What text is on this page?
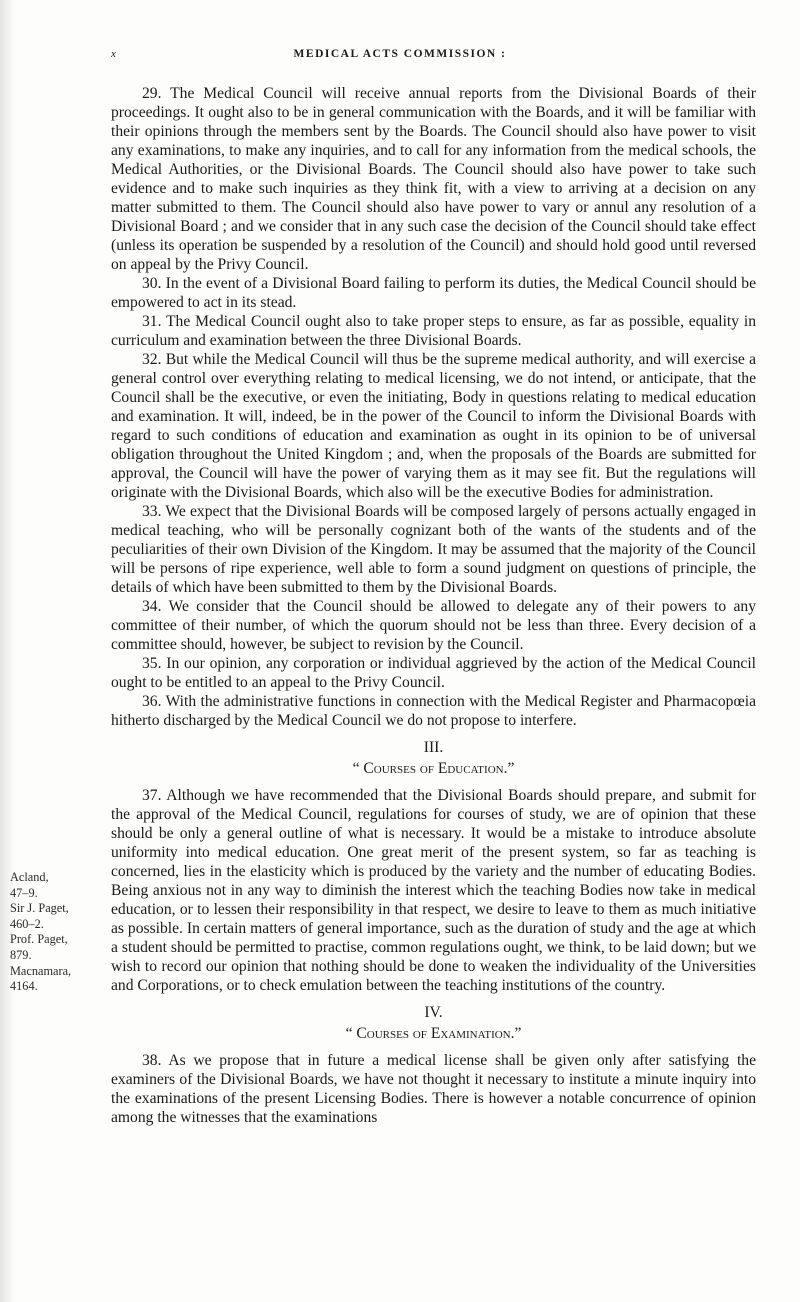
x	MEDICAL ACTS COMMISSION :

29. The Medical Council will receive annual reports from the Divisional Boards of their proceedings. It ought also to be in general communication with the Boards, and it will be familiar with their opinions through the members sent by the Boards. The Council should also have power to visit any examinations, to make any inquiries, and to call for any information from the medical schools, the Medical Authorities, or the Divisional Boards. The Council should also have power to take such evidence and to make such inquiries as they think fit, with a view to arriving at a decision on any matter submitted to them. The Council should also have power to vary or annul any resolution of a Divisional Board ; and we consider that in any such case the decision of the Council should take effect (unless its operation be suspended by a resolution of the Council) and should hold good until reversed on appeal by the Privy Council.

30. In the event of a Divisional Board failing to perform its duties, the Medical Council should be empowered to act in its stead.

31. The Medical Council ought also to take proper steps to ensure, as far as possible, equality in curriculum and examination between the three Divisional Boards.

32. But while the Medical Council will thus be the supreme medical authority, and will exercise a general control over everything relating to medical licensing, we do not intend, or anticipate, that the Council shall be the executive, or even the initiating, Body in questions relating to medical education and examination. It will, indeed, be in the power of the Council to inform the Divisional Boards with regard to such conditions of education and examination as ought in its opinion to be of universal obligation throughout the United Kingdom ; and, when the proposals of the Boards are submitted for approval, the Council will have the power of varying them as it may see fit. But the regulations will originate with the Divisional Boards, which also will be the executive Bodies for administration.

33. We expect that the Divisional Boards will be composed largely of persons actually engaged in medical teaching, who will be personally cognizant both of the wants of the students and of the peculiarities of their own Division of the Kingdom. It may be assumed that the majority of the Council will be persons of ripe experience, well able to form a sound judgment on questions of principle, the details of which have been submitted to them by the Divisional Boards.

34. We consider that the Council should be allowed to delegate any of their powers to any committee of their number, of which the quorum should not be less than three. Every decision of a committee should, however, be subject to revision by the Council.

35. In our opinion, any corporation or individual aggrieved by the action of the Medical Council ought to be entitled to an appeal to the Privy Council.

36. With the administrative functions in connection with the Medical Register and Pharmacopœia hitherto discharged by the Medical Council we do not propose to interfere.

III.
“ Courses of Education.”

37. Although we have recommended that the Divisional Boards should prepare, and submit for the approval of the Medical Council, regulations for courses of study, we are of opinion that these should be only a general outline of what is necessary. It would be a mistake to introduce absolute uniformity into medical education. One great merit of the present system, so far as teaching is concerned, lies in the elasticity which is produced by the variety and the number of educating Bodies. Being anxious not in any way to diminish the interest which the teaching Bodies now take in medical education, or to lessen their responsibility in that respect, we desire to leave to them as much initiative as possible. In certain matters of general importance, such as the duration of study and the age at which a student should be permitted to practise, common regulations ought, we think, to be laid down; but we wish to record our opinion that nothing should be done to weaken the individuality of the Universities and Corporations, or to check emulation between the teaching institutions of the country.

IV.
“ Courses of Examination.”

38. As we propose that in future a medical license shall be given only after satisfying the examiners of the Divisional Boards, we have not thought it necessary to institute a minute inquiry into the examinations of the present Licensing Bodies. There is however a notable concurrence of opinion among the witnesses that the examinations

Acland,
47–9.
Sir J. Paget,
460–2.
Prof. Paget,
879.
Macnamara,
4164.
